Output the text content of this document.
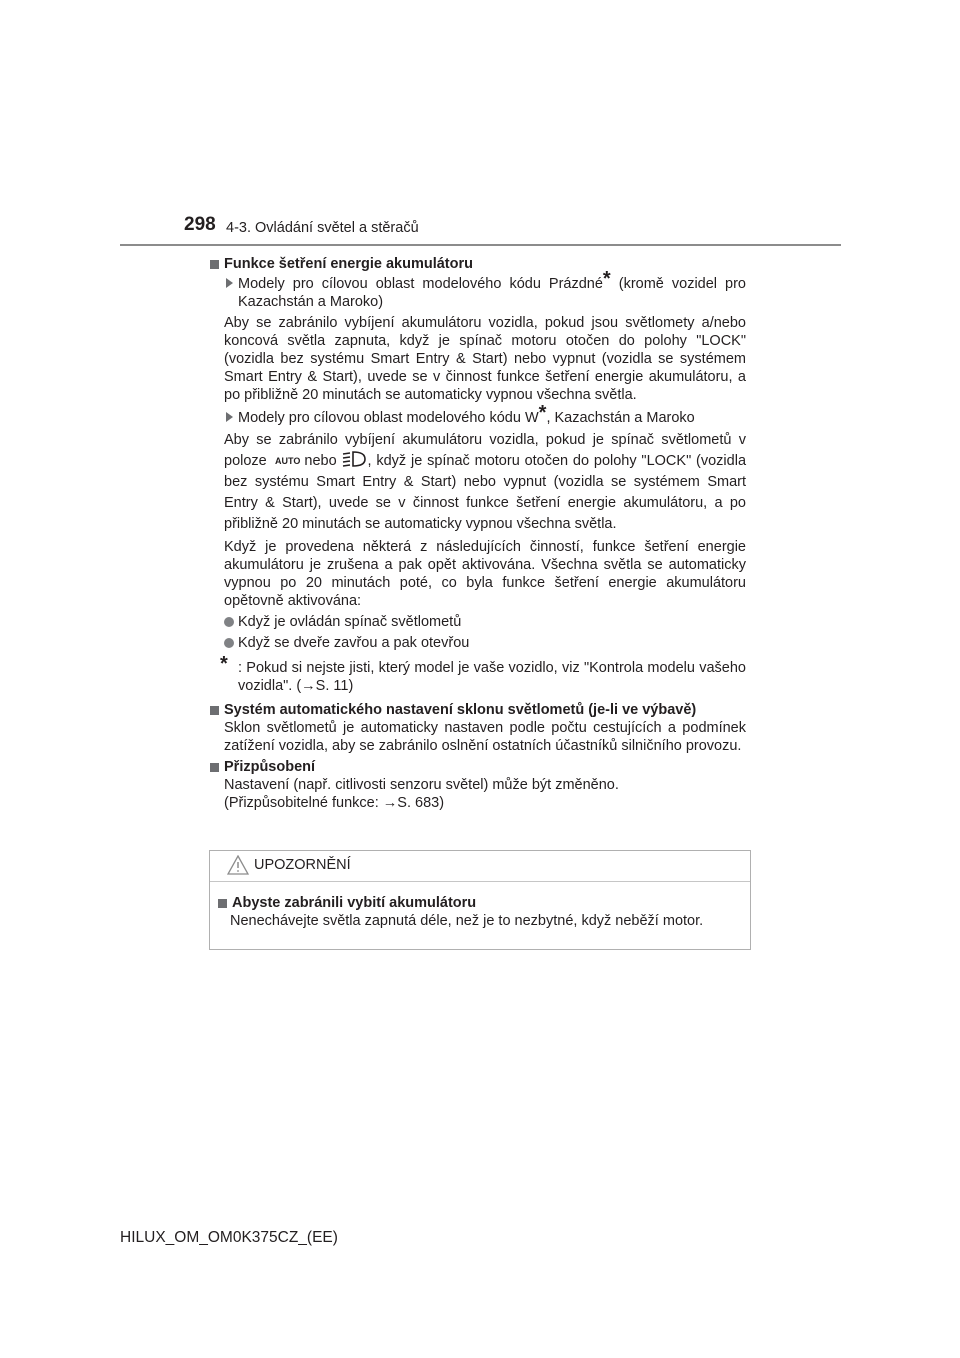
298 4-3. Ovládání světel a stěračů

Funkce šetření energie akumulátoru

Modely pro cílovou oblast modelového kódu Prázdné* (kromě vozidel pro Kazachstán a Maroko)

Aby se zabránilo vybíjení akumulátoru vozidla, pokud jsou světlomety a/nebo koncová světla zapnuta, když je spínač motoru otočen do polohy "LOCK" (vozidla bez systému Smart Entry & Start) nebo vypnut (vozidla se systémem Smart Entry & Start), uvede se v činnost funkce šetření energie akumulátoru, a po přibližně 20 minutách se automaticky vypnou všechna světla.

Modely pro cílovou oblast modelového kódu W*, Kazachstán a Maroko

Aby se zabránilo vybíjení akumulátoru vozidla, pokud je spínač světlometů v poloze AUTO nebo , když je spínač motoru otočen do polohy "LOCK" (vozidla bez systému Smart Entry & Start) nebo vypnut (vozidla se systémem Smart Entry & Start), uvede se v činnost funkce šetření energie akumulátoru, a po přibližně 20 minutách se automaticky vypnou všechna světla.

Když je provedena některá z následujících činností, funkce šetření energie akumulátoru je zrušena a pak opět aktivována. Všechna světla se automaticky vypnou po 20 minutách poté, co byla funkce šetření energie akumulátoru opětovně aktivována:

Když je ovládán spínač světlometů
Když se dveře zavřou a pak otevřou
* : Pokud si nejste jisti, který model je vaše vozidlo, viz "Kontrola modelu vašeho vozidla". (→S. 11)

Systém automatického nastavení sklonu světlometů (je-li ve výbavě)

Sklon světlometů je automaticky nastaven podle počtu cestujících a podmínek zatížení vozidla, aby se zabránilo oslnění ostatních účastníků silničního provozu.

Přizpůsobení

Nastavení (např. citlivosti senzoru světel) může být změněno.

(Přizpůsobitelné funkce: →S. 683)

UPOZORNĚNÍ

Abyste zabránili vybití akumulátoru

Nenechávejte světla zapnutá déle, než je to nezbytné, když neběží motor.

HILUX_OM_OM0K375CZ_(EE)
